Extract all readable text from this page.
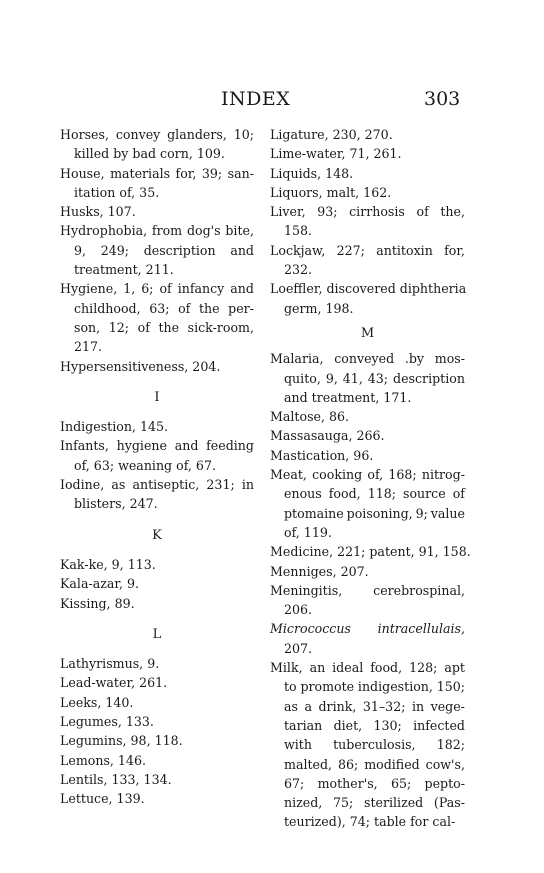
INDEX	303
Horses, convey glanders, 10;
killed by bad corn, 109.
House, materials for, 39; san-
itation of, 35.
Husks, 107.
Hydrophobia, from dog's bite,
9, 249; description and
treatment, 211.
Hygiene, 1, 6; of infancy and
childhood, 63; of the per-
son, 12; of the sick-room,
217.
Hypersensitiveness, 204.
I
Indigestion, 145.
Infants, hygiene and feeding
of, 63; weaning of, 67.
Iodine, as antiseptic, 231; in
blisters, 247.
K
Kak-ke, 9, 113.
Kala-azar, 9.
Kissing, 89.
L
Lathyrismus, 9.
Lead-water, 261.
Leeks, 140.
Legumes, 133.
Legumins, 98, 118.
Lemons, 146.
Lentils, 133, 134.
Lettuce, 139.
Ligature, 230, 270.
Lime-water, 71, 261.
Liquids, 148.
Liquors, malt, 162.
Liver, 93; cirrhosis of the,
158.
Lockjaw, 227; antitoxin for,
232.
Loeffler, discovered diphtheria
germ, 198.
M
Malaria, conveyed .by mos-
quito, 9, 41, 43; description
and treatment, 171.
Maltose, 86.
Massasauga, 266.
Mastication, 96.
Meat, cooking of, 168; nitrog-
enous food, 118; source of
ptomaine poisoning, 9; value
of, 119.
Medicine, 221; patent, 91, 158.
Menniges, 207.
Meningitis, cerebrospinal,
206.
Micrococcus intracellulais,
207.
Milk, an ideal food, 128; apt
to promote indigestion, 150;
as a drink, 31–32; in vege-
tarian diet, 130; infected
with tuberculosis, 182;
malted, 86; modified cow's,
67; mother's, 65; pepto-
nized, 75; sterilized (Pas-
teurized), 74; table for cal-
